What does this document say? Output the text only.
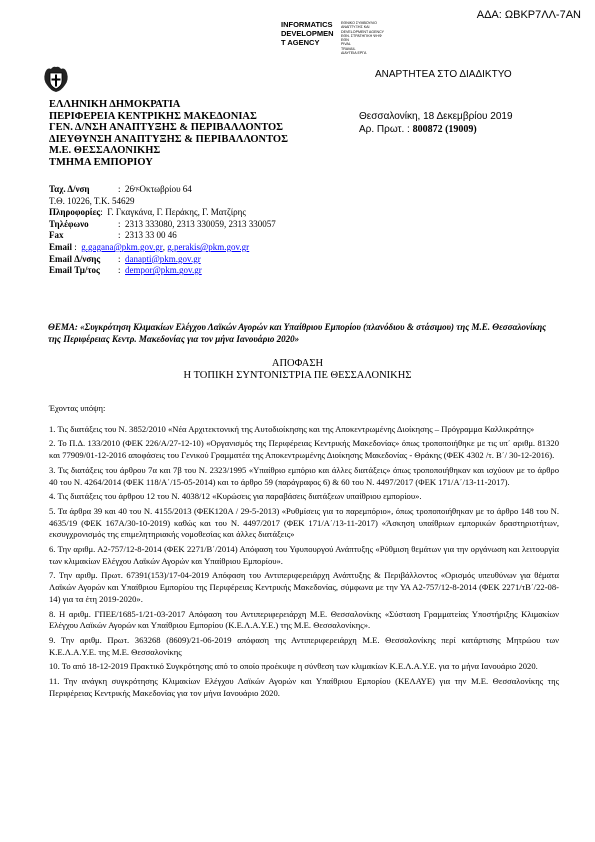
ΑΔΑ: ΩΒΚΡ7ΛΛ-7ΑΝ
INFORMATICS
DEVELOPMEN
T AGENCY
ΕΘΝΙΚΟ ΣΥΜΒΟΥΛΙΟ
ΑΝΑΠΤΥΞΗΣ ΚΑΙ
DEVELOPMENT AGENCY
ΕΘΝ. ΣΤΡΑΤΗΓΙΚΗ ΨΗΦ
ΕΘΝ
PIVAL
TRAVAIL
ΔΙΑΥΓΕΙΑ ΕΡΓΑ
ΑΝΑΡΤΗΤΕΑ ΣΤΟ ΔΙΑΔΙΚΤΥΟ
ΕΛΛΗΝΙΚΗ ΔΗΜΟΚΡΑΤΙΑ
ΠΕΡΙΦΕΡΕΙΑ ΚΕΝΤΡΙΚΗΣ ΜΑΚΕΔΟΝΙΑΣ
ΓΕΝ. Δ/ΝΣΗ ΑΝΑΠΤΥΞΗΣ & ΠΕΡΙΒΑΛΛΟΝΤΟΣ
ΔΙΕΥΘΥΝΣΗ ΑΝΑΠΤΥΞΗΣ & ΠΕΡΙΒΑΛΛΟΝΤΟΣ
Μ.Ε. ΘΕΣΣΑΛΟΝΙΚΗΣ
ΤΜΗΜΑ ΕΜΠΟΡΙΟΥ
Θεσσαλονίκη, 18 Δεκεμβρίου 2019
Αρ. Πρωτ. : 800872 (19009)
Ταχ. Δ/νση	: 26 ης Οκτωβρίου 64
Τ.Θ. 10226, Τ.Κ. 54629
Πληροφορίες : Γ. Γκαγκάνα, Γ. Περάκης, Γ. Ματζίρης
Τηλέφωνο	: 2313 333080, 2313 330059, 2313 330057
Fax	: 2313 33 00 46
Email : g.gagana@pkm.gov.gr , g.perakis@pkm.gov.gr
Email Δ/νσης	: danapti@pkm.gov.gr
Email Τμ/τος	: dempor@pkm.gov.gr
ΘΕΜΑ: «Συγκρότηση Κλιμακίων Ελέγχου Λαϊκών Αγορών και Υπαίθριου Εμπορίου (πλανόδιου & στάσιμου) της Μ.Ε. Θεσσαλονίκης της Περιφέρειας Κεντρ. Μακεδονίας για τον μήνα Ιανουάριο 2020»
ΑΠΟΦΑΣΗ
Η ΤΟΠΙΚΗ ΣΥΝΤΟΝΙΣΤΡΙΑ ΠΕ ΘΕΣΣΑΛΟΝΙΚΗΣ

Έχοντας υπόψη:

1. Τις διατάξεις του Ν. 3852/2010 «Νέα Αρχιτεκτονική της Αυτοδιοίκησης και της Αποκεντρωμένης Διοίκησης – Πρόγραμμα Καλλικράτης»

2. Το Π.Δ. 133/2010 (ΦΕΚ 226/Α/27-12-10) «Οργανισμός της Περιφέρειας Κεντρικής Μακεδονίας» όπως τροποποιήθηκε με τις υπ΄ αριθμ. 81320 και 77909/01-12-2016 αποφάσεις του Γενικού Γραμματέα της Αποκεντρωμένης Διοίκησης Μακεδονίας - Θράκης (ΦΕΚ 4302 /τ. Β΄/ 30-12-2016).

3. Τις διατάξεις του άρθρου 7α και 7β του Ν. 2323/1995 «Υπαίθριο εμπόριο και άλλες διατάξεις» όπως τροποποιήθηκαν και ισχύουν με το άρθρο 40 του Ν. 4264/2014 (ΦΕΚ 118/Α΄/15-05-2014) και το άρθρο 59 (παράγραφος 6) & 60 του Ν. 4497/2017 (ΦΕΚ 171/Α΄/13-11-2017).

4. Τις διατάξεις του άρθρου 12 του Ν. 4038/12 «Κυρώσεις για παραβάσεις διατάξεων υπαίθριου εμπορίου».

5. Τα άρθρα 39 και 40 του Ν. 4155/2013 (ΦΕΚ120Α / 29-5-2013) «Ρυθμίσεις για το παρεμπόριο», όπως τροποποιήθηκαν με το άρθρο 148 του Ν. 4635/19 (ΦΕΚ 167Α/30-10-2019) καθώς και του Ν. 4497/2017 (ΦΕΚ 171/Α΄/13-11-2017) «Άσκηση υπαίθριων εμπορικών δραστηριοτήτων, εκσυγχρονισμός της επιμελητηριακής νομοθεσίας και άλλες διατάξεις»

6. Την αριθμ. Α2-757/12-8-2014 (ΦΕΚ 2271/Β΄/2014) Απόφαση του Υφυπουργού Ανάπτυξης «Ρύθμιση θεμάτων για την οργάνωση και λειτουργία των κλιμακίων Ελέγχου Λαϊκών Αγορών και Υπαίθριου Εμπορίου».

7. Την αριθμ. Πρωτ. 67391(153)/17-04-2019 Απόφαση του Αντιπεριφερειάρχη Ανάπτυξης & Περιβάλλοντος «Ορισμός υπευθύνων για θέματα Λαϊκών Αγορών και Υπαίθριου Εμπορίου της Περιφέρειας Κεντρικής Μακεδονίας, σύμφωνα με την ΥΑ Α2-757/12-8-2014 (ΦΕΚ 2271/τΒ΄/22-08-14) για τα έτη 2019-2020».

8. Η αριθμ. ΓΠΕΕ/1685-1/21-03-2017 Απόφαση του Αντιπεριφερειάρχη Μ.Ε. Θεσσαλονίκης «Σύσταση Γραμματείας Υποστήριξης Κλιμακίων Ελέγχου Λαϊκών Αγορών και Υπαίθριου Εμπορίου (Κ.Ε.Λ.Α.Υ.Ε.) της Μ.Ε. Θεσσαλονίκης».

9. Την αριθμ. Πρωτ. 363268 (8609)/21-06-2019 απόφαση της Αντιπεριφερειάρχη Μ.Ε. Θεσσαλονίκης περί κατάρτισης Μητρώου των Κ.Ε.Λ.Α.Υ.Ε. της Μ.Ε. Θεσσαλονίκης

10. Το από 18-12-2019 Πρακτικό Συγκρότησης από το οποίο προέκυψε η σύνθεση των κλιμακίων Κ.Ε.Λ.Α.Υ.Ε. για το μήνα Ιανουάριο 2020.

11. Την ανάγκη συγκρότησης Κλιμακίων Ελέγχου Λαϊκών Αγορών και Υπαίθριου Εμπορίου (ΚΕΛΑΥΕ) για την Μ.Ε. Θεσσαλονίκης της Περιφέρειας Κεντρικής Μακεδονίας για τον μήνα Ιανουάριο 2020.
